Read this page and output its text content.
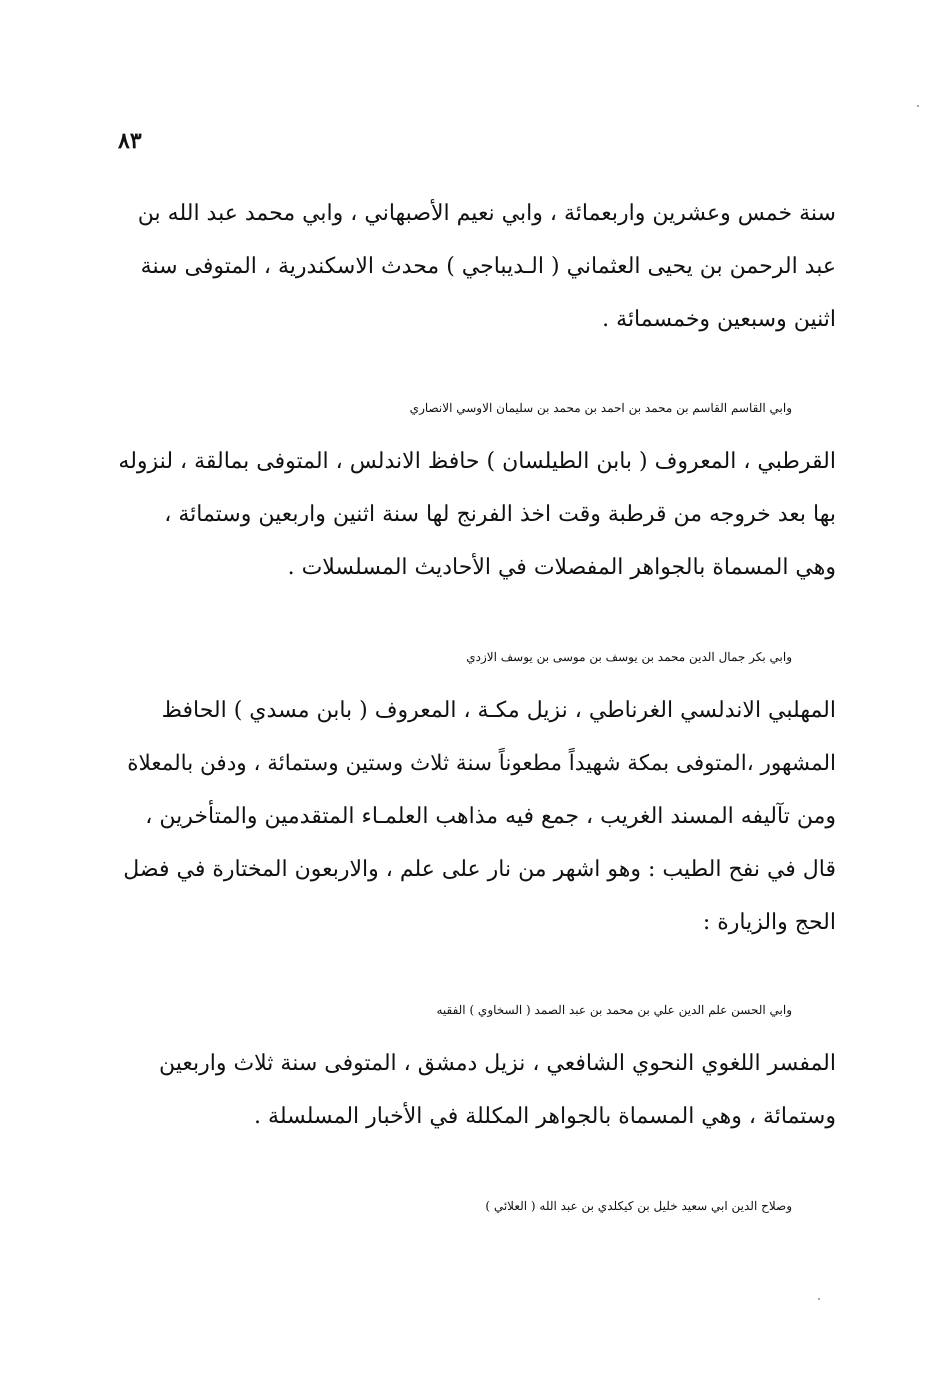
٨٣

سنة خمس وعشرين واربعمائة ، وابي نعيم الأصبهاني ، وابي محمد عبد الله بن
عبد الرحمن بن يحيى العثماني ( الـديباجي ) محدث الاسكندرية ، المتوفى سنة
اثنين وسبعين وخمسمائة .

وابي القاسم القاسم بن محمد بن احمد بن محمد بن سليمان الاوسي الانصاري
القرطبي ، المعروف ( بابن الطيلسان ) حافظ الاندلس ، المتوفى بمالقة ، لنزوله
بها بعد خروجه من قرطبة وقت اخذ الفرنج لها سنة اثنين واربعين وستمائة ،
وهي المسماة بالجواهر المفصلات في الأحاديث المسلسلات .

وابي بكر جمال الدين محمد بن يوسف بن موسى بن يوسف الازدي
المهلبي الاندلسي الغرناطي ، نزيل مكـة ، المعروف ( بابن مسدي ) الحافظ
المشهور ،المتوفى بمكة شهيداً مطعوناً سنة ثلاث وستين وستمائة ، ودفن بالمعلاة
ومن تآليفه المسند الغريب ، جمع فيه مذاهب العلمـاء المتقدمين والمتأخرين ،
قال في نفح الطيب : وهو اشهر من نار على علم ، والاربعون المختارة في فضل
الحج والزيارة :

وابي الحسن علم الدين علي بن محمد بن عبد الصمد ( السخاوي ) الفقيه
المفسر اللغوي النحوي الشافعي ، نزيل دمشق ، المتوفى سنة ثلاث واربعين
وستمائة ، وهي المسماة بالجواهر المكللة في الأخبار المسلسلة .

وصلاح الدين ابي سعيد خليل بن كيكلدي بن عبد الله ( العلائي )
